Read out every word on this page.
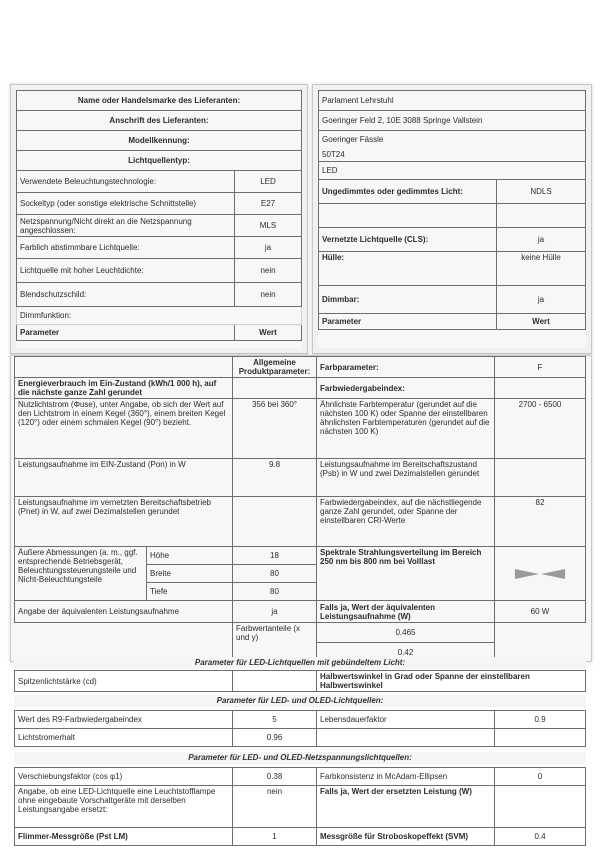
Name oder Handelsmarke des Lieferanten:	
Anschrift des Lieferanten:	
Modellkennung:	
Lichtquellentyp:	
Verwendete Beleuchtungstechnologie:	LED
Sockeltyp (oder sonstige elektrische Schnittstelle)	E27
Netzspannung/Nicht direkt an die Netzspannung angeschlossen:	MLS
Farblich abstimmbare Lichtquelle:	ja
Lichtquelle mit hoher Leuchtdichte:	nein
Blendschutzschild:	nein
Dimmfunktion:	
Parameter	Wert
Parlament Lehrstuhl	
Goeringer Feld 2, 10E 3088 Springe Vallstein	
Goeringer Fässle	
50T24	
LED	
Ungedimmtes oder gedimmtes Licht:	NDLS

Vernetzte Lichtquelle (CLS):	ja
Hülle:	keine Hülle
Dimmbar:	ja
Parameter	Wert
		Allgemeine Produktparameter:	Farbparameter:	F
Energieverbrauch im Ein-Zustand (kWh/1 000 h), auf die nächste ganze Zahl gerundet			Farbwiedergabeindex:	
Nutzlichtstrom (Φuse), unter Angabe, ob sich der Wert auf den Lichtstrom in einem Kegel (360°), einem breiten Kegel (120°) oder einem schmalen Kegel (90°) bezieht.		356 bei 360°	Ähnlichste Farbtemperatur (gerundet auf die nächsten 100 K) oder Spanne der einstellbaren ähnlichsten Farbtemperaturen (gerundet auf die nächsten 100 K)	2700 - 6500
Leistungsaufnahme im EIN-Zustand (Pon) in W		9.8	Leistungsaufnahme im Bereitschaftszustand (Psb) in W und zwei Dezimalstellen gerundet	
Leistungsaufnahme im vernetzten Bereitschaftsbetrieb (Pnet) in W, auf zwei Dezimalstellen gerundet			Farbwiedergabeindex, auf die nächstliegende ganze Zahl gerundet, oder Spanne der einstellbaren CRI-Werte	82
Äußere Abmessungen (a. m., ggf. entsprechende Betriebsgerät, Beleuchtungssteuerungsteile und Nicht-Beleuchtungsteile	Höhe	18	Spektrale Strahlungsverteilung im Bereich 250 nm bis 800 nm bei Volllast	
	Breite	80		
	Tiefe	80		
Angabe der äquivalenten Leistungsaufnahme		ja	Falls ja, Wert der äquivalenten Leistungsaufnahme (W)	60 W
		Farbwertanteile (x und y)	0.465	
			0.42	
Parameter für LED-Lichtquellen mit gebündeltem Licht:
Spitzenlichtstärke (cd)		Halbwertswinkel in Grad oder Spanne der einstellbaren Halbwertswinkel
Parameter für LED- und OLED-Lichtquellen:
Wert des R9-Farbwiedergabeindex	5	Lebensdauerfaktor	0.9
Lichtstromerhalt	0.96		
Parameter für LED- und OLED-Netzspannungslichtquellen:
Verschiebungsfaktor (cos φ1)	0.38	Farbkonsistenz in McAdam-Ellipsen	0
Angabe, ob eine LED-Lichtquelle eine Leuchtstofflampe ohne eingebaute Vorschaltgeräte mit derselben Leistungsangabe ersetzt:	nein	Falls ja, Wert der ersetzten Leistung (W)	
Flimmer-Messgröße (Pst LM)	1	Messgröße für Stroboskopeffekt (SVM)	0.4
